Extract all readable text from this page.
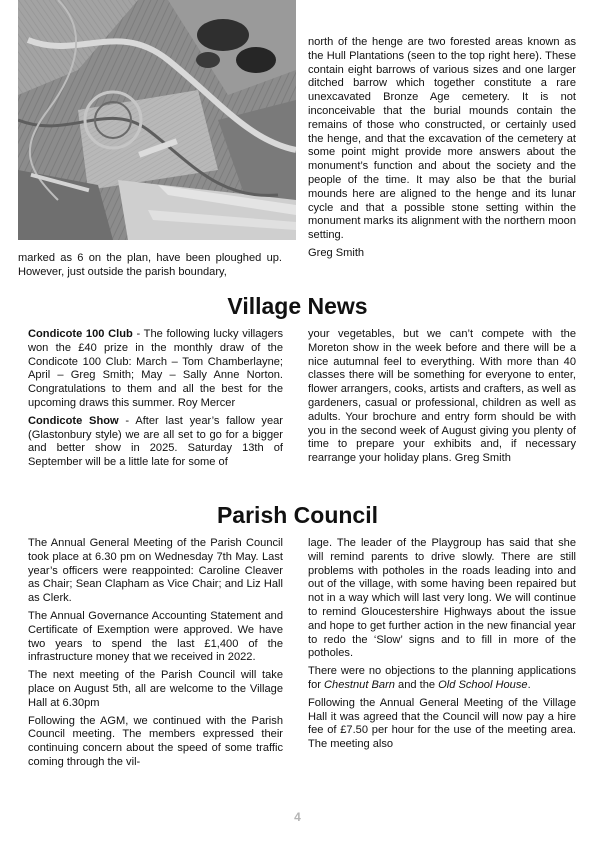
marked as 6 on the plan, have been ploughed up. However, just outside the parish boundary,

north of the henge are two forested areas known as the Hull Plantations (seen to the top right here). These contain eight barrows of various sizes and one larger ditched barrow which together constitute a rare unexcavated Bronze Age cemetery. It is not inconceivable that the burial mounds contain the remains of those who constructed, or certainly used the henge, and that the excavation of the cemetery at some point might provide more answers about the monument’s function and about the society and the people of the time. It may also be that the burial mounds here are aligned to the henge and its lunar cycle and that a possible stone setting within the monument marks its alignment with the northern moon setting.

Greg Smith
Village News

Condicote 100 Club - The following lucky villagers won the £40 prize in the monthly draw of the Condicote 100 Club: March – Tom Chamberlayne; April – Greg Smith; May – Sally Anne Norton. Congratulations to them and all the best for the upcoming draws this summer. Roy Mercer

Condicote Show - After last year’s fallow year (Glastonbury style) we are all set to go for a bigger and better show in 2025. Saturday 13th of September will be a little late for some of

your vegetables, but we can’t compete with the Moreton show in the week before and there will be a nice autumnal feel to everything. With more than 40 classes there will be something for everyone to enter, flower arrangers, cooks, artists and crafters, as well as gardeners, casual or professional, children as well as adults. Your brochure and entry form should be with you in the second week of August giving you plenty of time to prepare your exhibits and, if necessary rearrange your holiday plans. Greg Smith

Parish Council

The Annual General Meeting of the Parish Council took place at 6.30 pm on Wednesday 7th May. Last year’s officers were reappointed: Caroline Cleaver as Chair; Sean Clapham as Vice Chair; and Liz Hall as Clerk.

The Annual Governance Accounting Statement and Certificate of Exemption were approved. We have two years to spend the last £1,400 of the infrastructure money that we received in 2022.

The next meeting of the Parish Council will take place on August 5th, all are welcome to the Village Hall at 6.30pm

Following the AGM, we continued with the Parish Council meeting. The members expressed their continuing concern about the speed of some traffic coming through the vil-

lage. The leader of the Playgroup has said that she will remind parents to drive slowly. There are still problems with potholes in the roads leading into and out of the village, with some having been repaired but not in a way which will last very long. We will continue to remind Gloucestershire Highways about the issue and hope to get further action in the new financial year to redo the ‘Slow’ signs and to fill in more of the potholes.

There were no objections to the planning applications for Chestnut Barn and the Old School House.

Following the Annual General Meeting of the Village Hall it was agreed that the Council will now pay a hire fee of £7.50 per hour for the use of the meeting area. The meeting also

4
